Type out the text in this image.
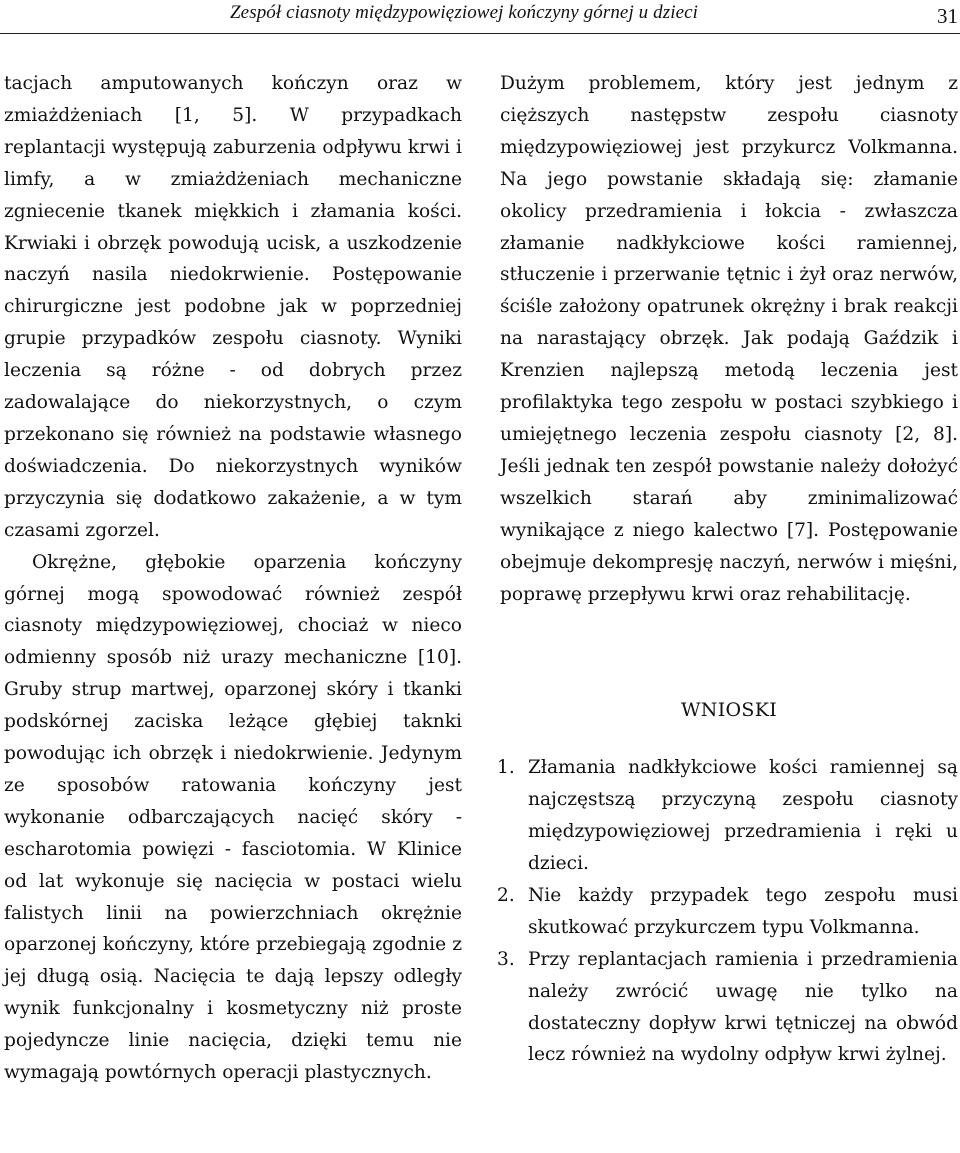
Zespół ciasnoty międzypowięziowej kończyny górnej u dzieci	31

tacjach amputowanych kończyn oraz w zmiażdżeniach [1, 5]. W przypadkach replantacji występują zaburzenia odpływu krwi i limfy, a w zmiażdżeniach mechaniczne zgniecenie tkanek miękkich i złamania kości. Krwiaki i obrzęk powodują ucisk, a uszkodzenie naczyń nasila niedokrwienie. Postępowanie chirurgiczne jest podobne jak w poprzedniej grupie przypadków zespołu ciasnoty. Wyniki leczenia są różne - od dobrych przez zadowalające do niekorzystnych, o czym przekonano się również na podstawie własnego doświadczenia. Do niekorzystnych wyników przyczynia się dodatkowo zakażenie, a w tym czasami zgorzel.

Okrężne, głębokie oparzenia kończyny górnej mogą spowodować również zespół ciasnoty międzypowięziowej, chociaż w nieco odmienny sposób niż urazy mechaniczne [10]. Gruby strup martwej, oparzonej skóry i tkanki podskórnej zaciska leżące głębiej taknki powodując ich obrzęk i niedokrwienie. Jedynym ze sposobów ratowania kończyny jest wykonanie odbarczających nacięć skóry - escharotomia powięzi - fasciotomia. W Klinice od lat wykonuje się nacięcia w postaci wielu falistych linii na powierzchniach okrężnie oparzonej kończyny, które przebiegają zgodnie z jej długą osią. Nacięcia te dają lepszy odległy wynik funkcjonalny i kosmetyczny niż proste pojedyncze linie nacięcia, dzięki temu nie wymagają powtórnych operacji plastycznych.

Dużym problemem, który jest jednym z cięższych następstw zespołu ciasnoty międzypowięziowej jest przykurcz Volkmanna. Na jego powstanie składają się: złamanie okolicy przedramienia i łokcia - zwłaszcza złamanie nadkłykciowe kości ramiennej, stłuczenie i przerwanie tętnic i żył oraz nerwów, ściśle założony opatrunek okrężny i brak reakcji na narastający obrzęk. Jak podają Gaździk i Krenzien najlepszą metodą leczenia jest profilaktyka tego zespołu w postaci szybkiego i umiejętnego leczenia zespołu ciasnoty [2, 8]. Jeśli jednak ten zespół powstanie należy dołożyć wszelkich starań aby zminimalizować wynikające z niego kalectwo [7]. Postępowanie obejmuje dekompresję naczyń, nerwów i mięśni, poprawę przepływu krwi oraz rehabilitację.

WNIOSKI
1. Złamania nadkłykciowe kości ramiennej są najczęstszą przyczyną zespołu ciasnoty międzypowięziowej przedramienia i ręki u dzieci.
2. Nie każdy przypadek tego zespołu musi skutkować przykurczem typu Volkmanna.
3. Przy replantacjach ramienia i przedramienia należy zwrócić uwagę nie tylko na dostateczny dopływ krwi tętniczej na obwód lecz również na wydolny odpływ krwi żylnej.
